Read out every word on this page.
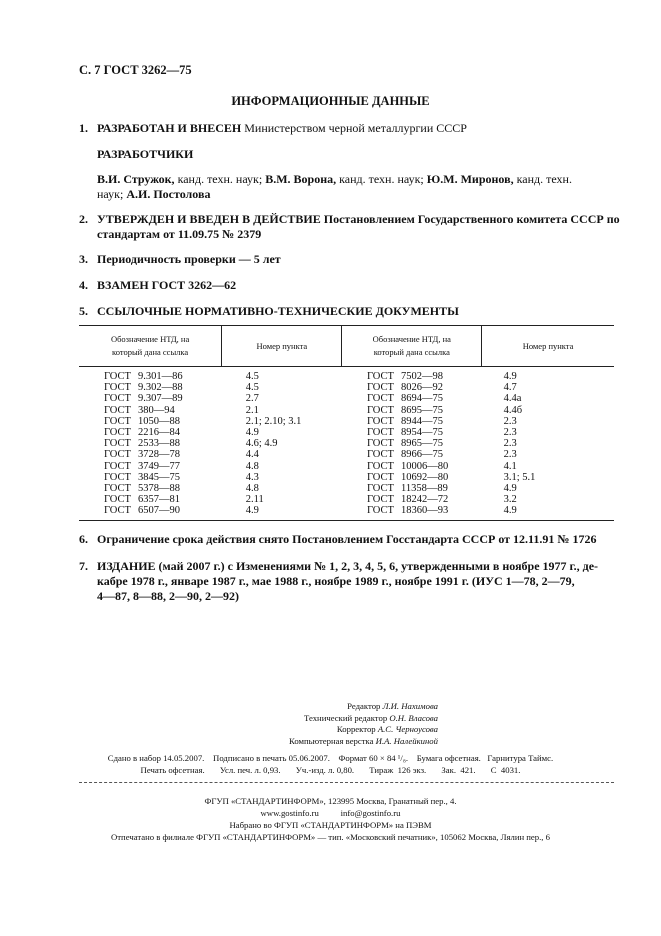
С. 7 ГОСТ 3262—75
ИНФОРМАЦИОННЫЕ ДАННЫЕ
1. РАЗРАБОТАН И ВНЕСЕН Министерством черной металлургии СССР
РАЗРАБОТЧИКИ
В.И. Стружок, канд. техн. наук; В.М. Ворона, канд. техн. наук; Ю.М. Миронов, канд. техн.
наук; А.И. Постолова
2. УТВЕРЖДЕН И ВВЕДЕН В ДЕЙСТВИЕ Постановлением Государственного комитета СССР по
стандартам от 11.09.75 № 2379
3. Периодичность проверки — 5 лет
4. ВЗАМЕН ГОСТ 3262—62
5. ССЫЛОЧНЫЕ НОРМАТИВНО-ТЕХНИЧЕСКИЕ ДОКУМЕНТЫ
Обозначение НТД, на
который дана ссылка	Номер пункта	Обозначение НТД, на
который дана ссылка	Номер пункта
ГОСТ 9.301—86	4.5	ГОСТ 7502—98	4.9
ГОСТ 9.302—88	4.5	ГОСТ 8026—92	4.7
ГОСТ 9.307—89	2.7	ГОСТ 8694—75	4.4а
ГОСТ 380—94	2.1	ГОСТ 8695—75	4.4б
ГОСТ 1050—88	2.1; 2.10; 3.1	ГОСТ 8944—75	2.3
ГОСТ 2216—84	4.9	ГОСТ 8954—75	2.3
ГОСТ 2533—88	4.6; 4.9	ГОСТ 8965—75	2.3
ГОСТ 3728—78	4.4	ГОСТ 8966—75	2.3
ГОСТ 3749—77	4.8	ГОСТ 10006—80	4.1
ГОСТ 3845—75	4.3	ГОСТ 10692—80	3.1; 5.1
ГОСТ 5378—88	4.8	ГОСТ 11358—89	4.9
ГОСТ 6357—81	2.11	ГОСТ 18242—72	3.2
ГОСТ 6507—90	4.9	ГОСТ 18360—93	4.9
6. Ограничение срока действия снято Постановлением Госстандарта СССР от 12.11.91 № 1726
7. ИЗДАНИЕ (май 2007 г.) с Изменениями № 1, 2, 3, 4, 5, 6, утвержденными в ноябре 1977 г., де-
кабре 1978 г., январе 1987 г., мае 1988 г., ноябре 1989 г., ноябре 1991 г. (ИУС 1—78, 2—79,
4—87, 8—88, 2—90, 2—92)
Редактор Л.И. Нахимова
Технический редактор О.Н. Власова
Корректор А.С. Черноусова
Компьютерная верстка И.А. Налейкиной
Сдано в набор 14.05.2007.    Подписано в печать 05.06.2007.    Формат 60 × 84 ¹/₈.    Бумага офсетная.   Гарнитура Таймс.
Печать офсетная.       Усл. печ. л. 0,93.       Уч.-изд. л. 0,80.       Тираж  126 экз.       Зак.  421.       С  4031.
ФГУП «СТАНДАРТИНФОРМ», 123995 Москва, Гранатный пер., 4.
www.gostinfo.ru          info@gostinfo.ru
Набрано во ФГУП «СТАНДАРТИНФОРМ» на ПЭВМ
Отпечатано в филиале ФГУП «СТАНДАРТИНФОРМ» — тип. «Московский печатник», 105062 Москва, Лялин пер., 6
